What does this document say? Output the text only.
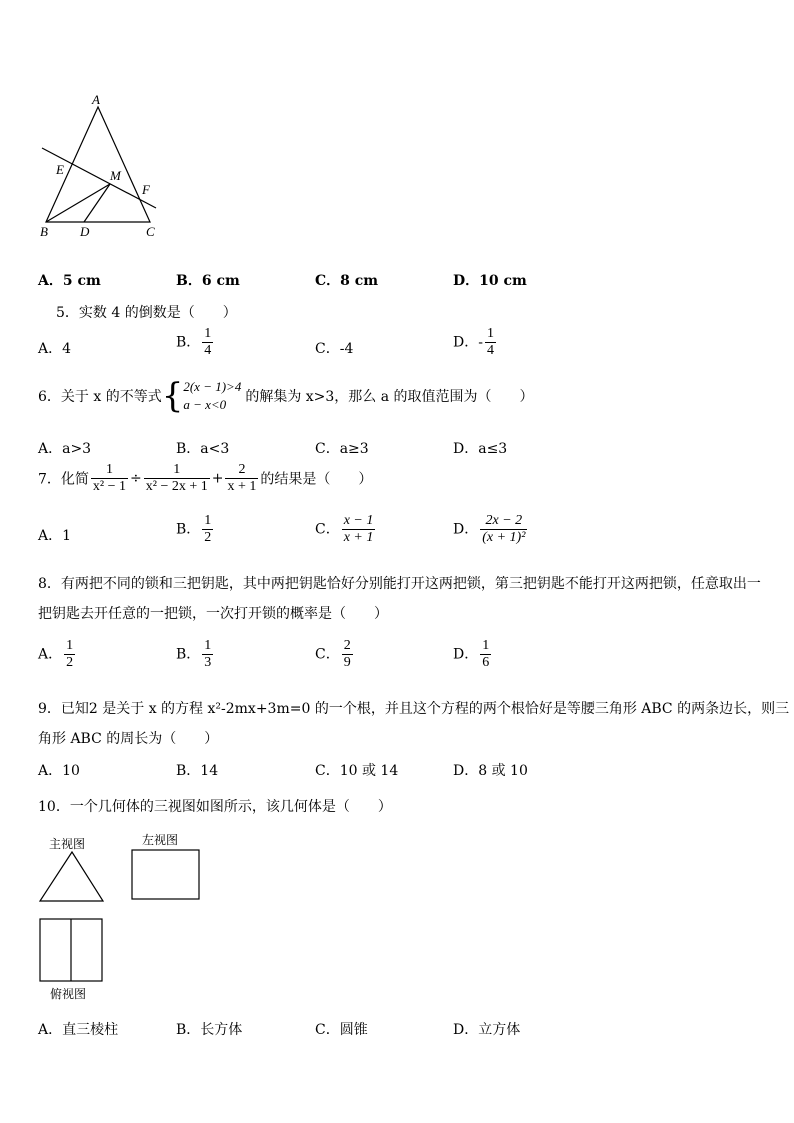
A
E	M
F
B D	C
A．5 cm	B．6 cm	C．8 cm	D．10 cm
5．实数 4 的倒数是（　　）
A．4	B． $\frac{1}{4}$	C．-4	D．- $\frac{1}{4}$
6．关于 x 的不等式 { 2(x − 1)>4
a − x<0	的解集为 x>3，那么 a 的取值范围为（　　）
A．a>3	B．a<3	C．a≥3	D．a≤3
7．化简 $\frac{1}{\text{x² − 1}} \div \frac{1}{\text{x² − 2x + 1}} + \frac{2}{x + 1}$ 的结果是（　　）
A．1	B． $\frac{1}{2}$	C． $\frac{x - 1}{x + 1}$	D． $\frac{2x - 2}{\text{(x + 1)²}}$
8．有两把不同的锁和三把钥匙，其中两把钥匙恰好分别能打开这两把锁，第三把钥匙不能打开这两把锁，任意取出一
把钥匙去开任意的一把锁，一次打开锁的概率是（　　）
A． $\frac{1}{2}$	B． $\frac{1}{3}$	C． $\frac{2}{9}$	D． $\frac{1}{6}$
9．已知2 是关于 x 的方程 x²-2mx+3m=0 的一个根，并且这个方程的两个根恰好是等腰三角形 ABC 的两条边长，则三
角形 ABC 的周长为（　　）
A．10	B．14	C．10 或 14	D．8 或 10
10．一个几何体的三视图如图所示，该几何体是（　　）
主视图	左视图
俯视图
A．直三棱柱	B．长方体	C．圆锥	D．立方体
